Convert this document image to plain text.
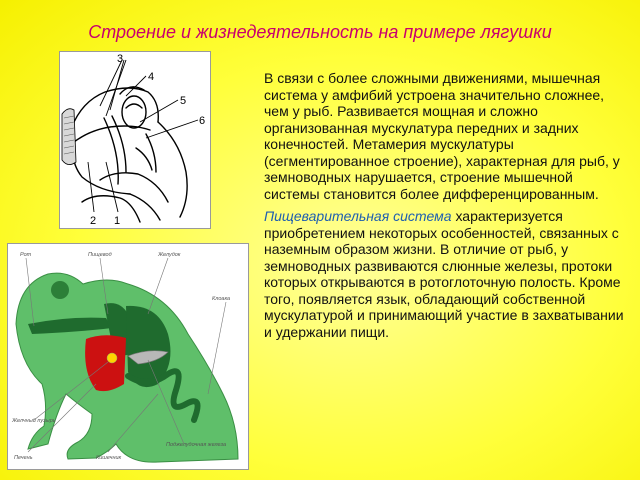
Строение и жизнедеятельность на примере лягушки
3
4
5
6
2 1
Рот	Пищевод	Желудок
Клоака
Желчный пузырь
Печень	Кишечник
Поджелудочная железа

В связи с более сложными движениями, мышечная система у амфибий устроена значительно сложнее, чем у рыб. Развивается мощная и сложно организованная мускулатура передних и задних конечностей. Метамерия мускулатуры (сегментированное строение), характерная для рыб, у земноводных нарушается, строение мышечной системы становится более дифференцированным.

Пищеварительная система характеризуется приобретением некоторых особенностей, связанных с наземным образом жизни. В отличие от рыб, у земноводных развиваются слюнные железы, протоки которых открываются в ротоглоточную полость. Кроме того, появляется язык, обладающий собственной мускулатурой и принимающий участие в захватывании и удержании пищи.
